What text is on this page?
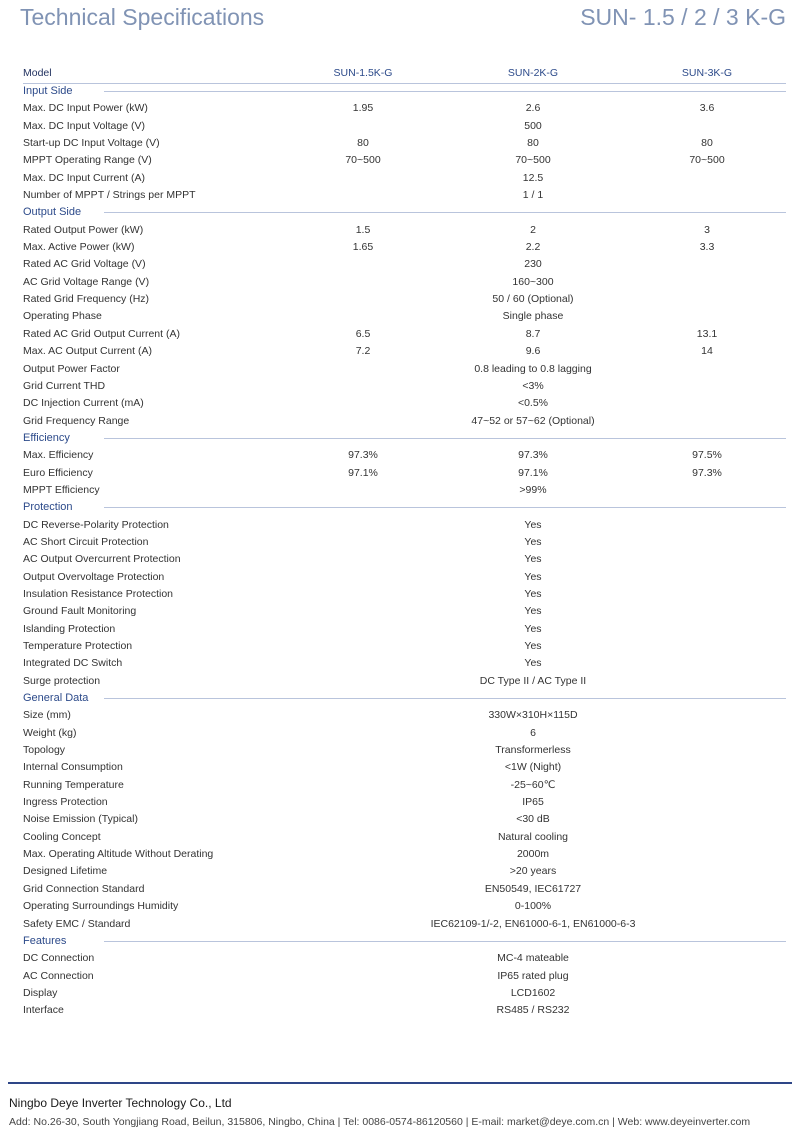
Technical Specifications	SUN- 1.5 / 2 / 3 K-G
Model	SUN-1.5K-G	SUN-2K-G	SUN-3K-G
Input Side
Max. DC Input Power (kW)	1.95	2.6	3.6
Max. DC Input Voltage (V)	500
Start-up DC Input Voltage (V)	80	80	80
MPPT Operating Range (V)	70~500	70~500	70~500
Max. DC Input Current (A)	12.5
Number of MPPT / Strings per MPPT	1 / 1
Output Side
Rated Output Power (kW)	1.5	2	3
Max. Active Power (kW)	1.65	2.2	3.3
Rated AC Grid Voltage (V)	230
AC Grid Voltage Range (V)	160~300
Rated Grid Frequency (Hz)	50 / 60 (Optional)
Operating Phase	Single phase
Rated AC Grid Output Current (A)	6.5	8.7	13.1
Max. AC Output Current (A)	7.2	9.6	14
Output Power Factor	0.8 leading to 0.8 lagging
Grid Current THD	<3%
DC Injection Current (mA)	<0.5%
Grid Frequency Range	47~52 or 57~62 (Optional)
Efficiency
Max. Efficiency	97.3%	97.3%	97.5%
Euro Efficiency	97.1%	97.1%	97.3%
MPPT Efficiency	>99%
Protection
DC Reverse-Polarity Protection	Yes
AC Short Circuit Protection	Yes
AC Output Overcurrent Protection	Yes
Output Overvoltage Protection	Yes
Insulation Resistance Protection	Yes
Ground Fault Monitoring	Yes
Islanding Protection	Yes
Temperature Protection	Yes
Integrated DC Switch	Yes
Surge protection	DC Type II / AC Type II
General Data
Size (mm)	330W×310H×115D
Weight (kg)	6
Topology	Transformerless
Internal Consumption	<1W (Night)
Running Temperature	-25~60℃
Ingress Protection	IP65
Noise Emission (Typical)	<30 dB
Cooling Concept	Natural cooling
Max. Operating Altitude Without Derating	2000m
Designed Lifetime	>20 years
Grid Connection Standard	EN50549, IEC61727
Operating Surroundings Humidity	0-100%
Safety EMC / Standard	IEC62109-1/-2, EN61000-6-1, EN61000-6-3
Features
DC Connection	MC-4 mateable
AC Connection	IP65 rated plug
Display	LCD1602
Interface	RS485 / RS232
Ningbo Deye Inverter Technology Co., Ltd
Add: No.26-30, South Yongjiang Road, Beilun, 315806, Ningbo, China | Tel: 0086-0574-86120560 | E-mail: market@deye.com.cn | Web: www.deyeinverter.com
